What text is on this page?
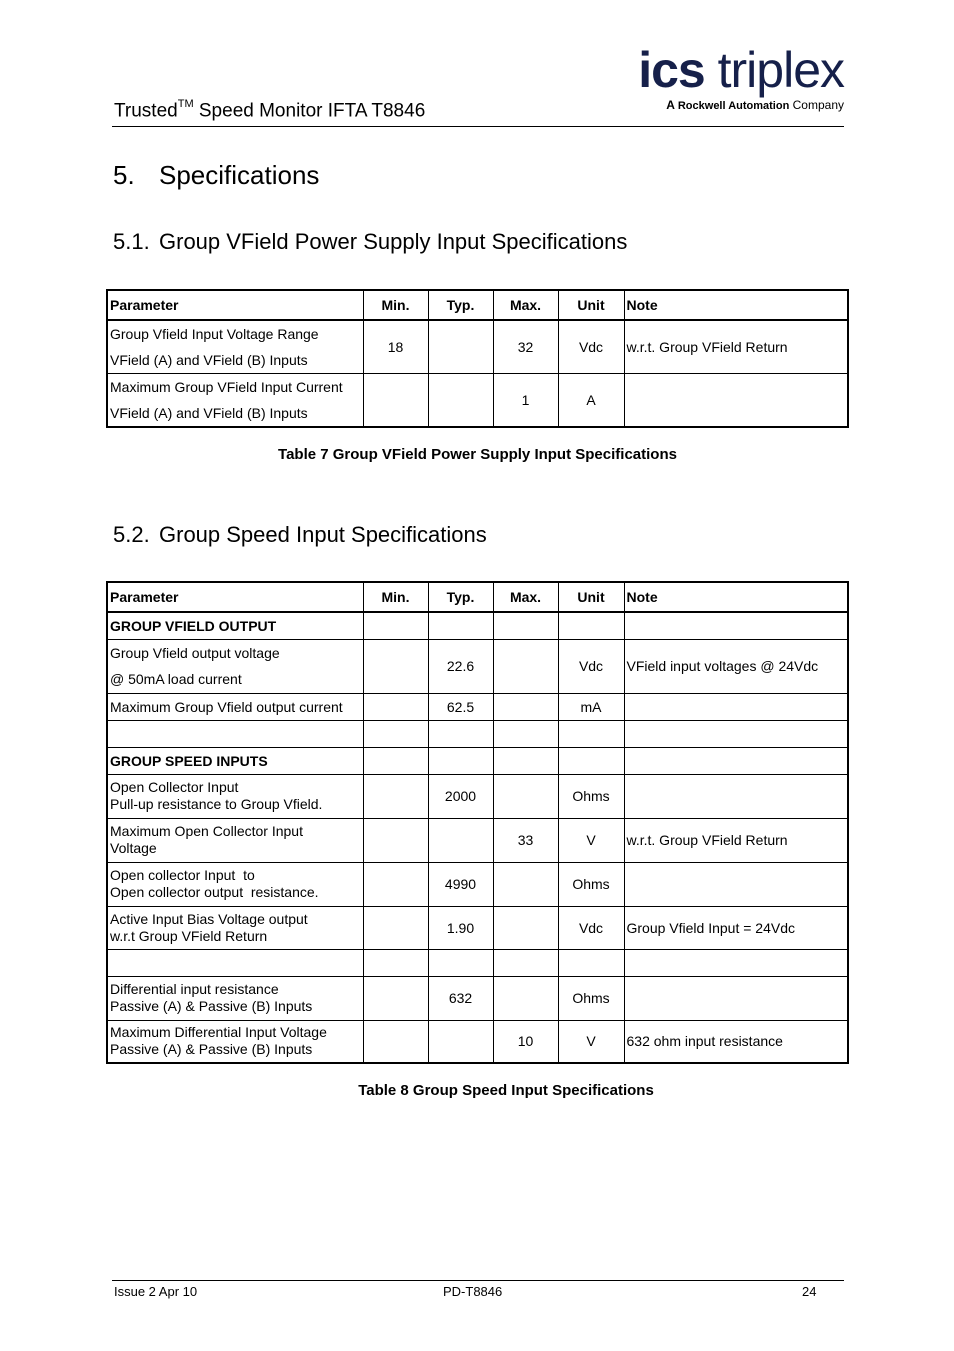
Trusted™ Speed Monitor IFTA T8846
ics triplex
A Rockwell Automation Company
5. Specifications
5.1. Group VField Power Supply Input Specifications
Parameter	Min.	Typ.	Max.	Unit	Note

Group Vfield Input Voltage Range
VField (A) and VField (B) Inputs	18		32	Vdc	w.r.t. Group VField Return

Maximum Group VField Input Current
VField (A) and VField (B) Inputs			1	A	
Table 7 Group VField Power Supply Input Specifications
5.2. Group Speed Input Specifications
Parameter	Min.	Typ.	Max.	Unit	Note
GROUP VFIELD OUTPUT					

Group Vfield output voltage
@ 50mA load current		22.6		Vdc	VField input voltages @ 24Vdc
Maximum Group Vfield output current		62.5		mA	

GROUP SPEED INPUTS					

Open Collector Input
Pull-up resistance to Group Vfield.		2000		Ohms	

Maximum Open Collector Input
Voltage			33	V	w.r.t. Group VField Return

Open collector Input  to
Open collector output  resistance.		4990		Ohms	

Active Input Bias Voltage output
w.r.t Group VField Return		1.90		Vdc	Group Vfield Input = 24Vdc

Differential input resistance
Passive (A) & Passive (B) Inputs		632		Ohms	

Maximum Differential Input Voltage
Passive (A) & Passive (B) Inputs			10	V	632 ohm input resistance
Table 8 Group Speed Input Specifications
Issue 2 Apr 10	PD-T8846	24
